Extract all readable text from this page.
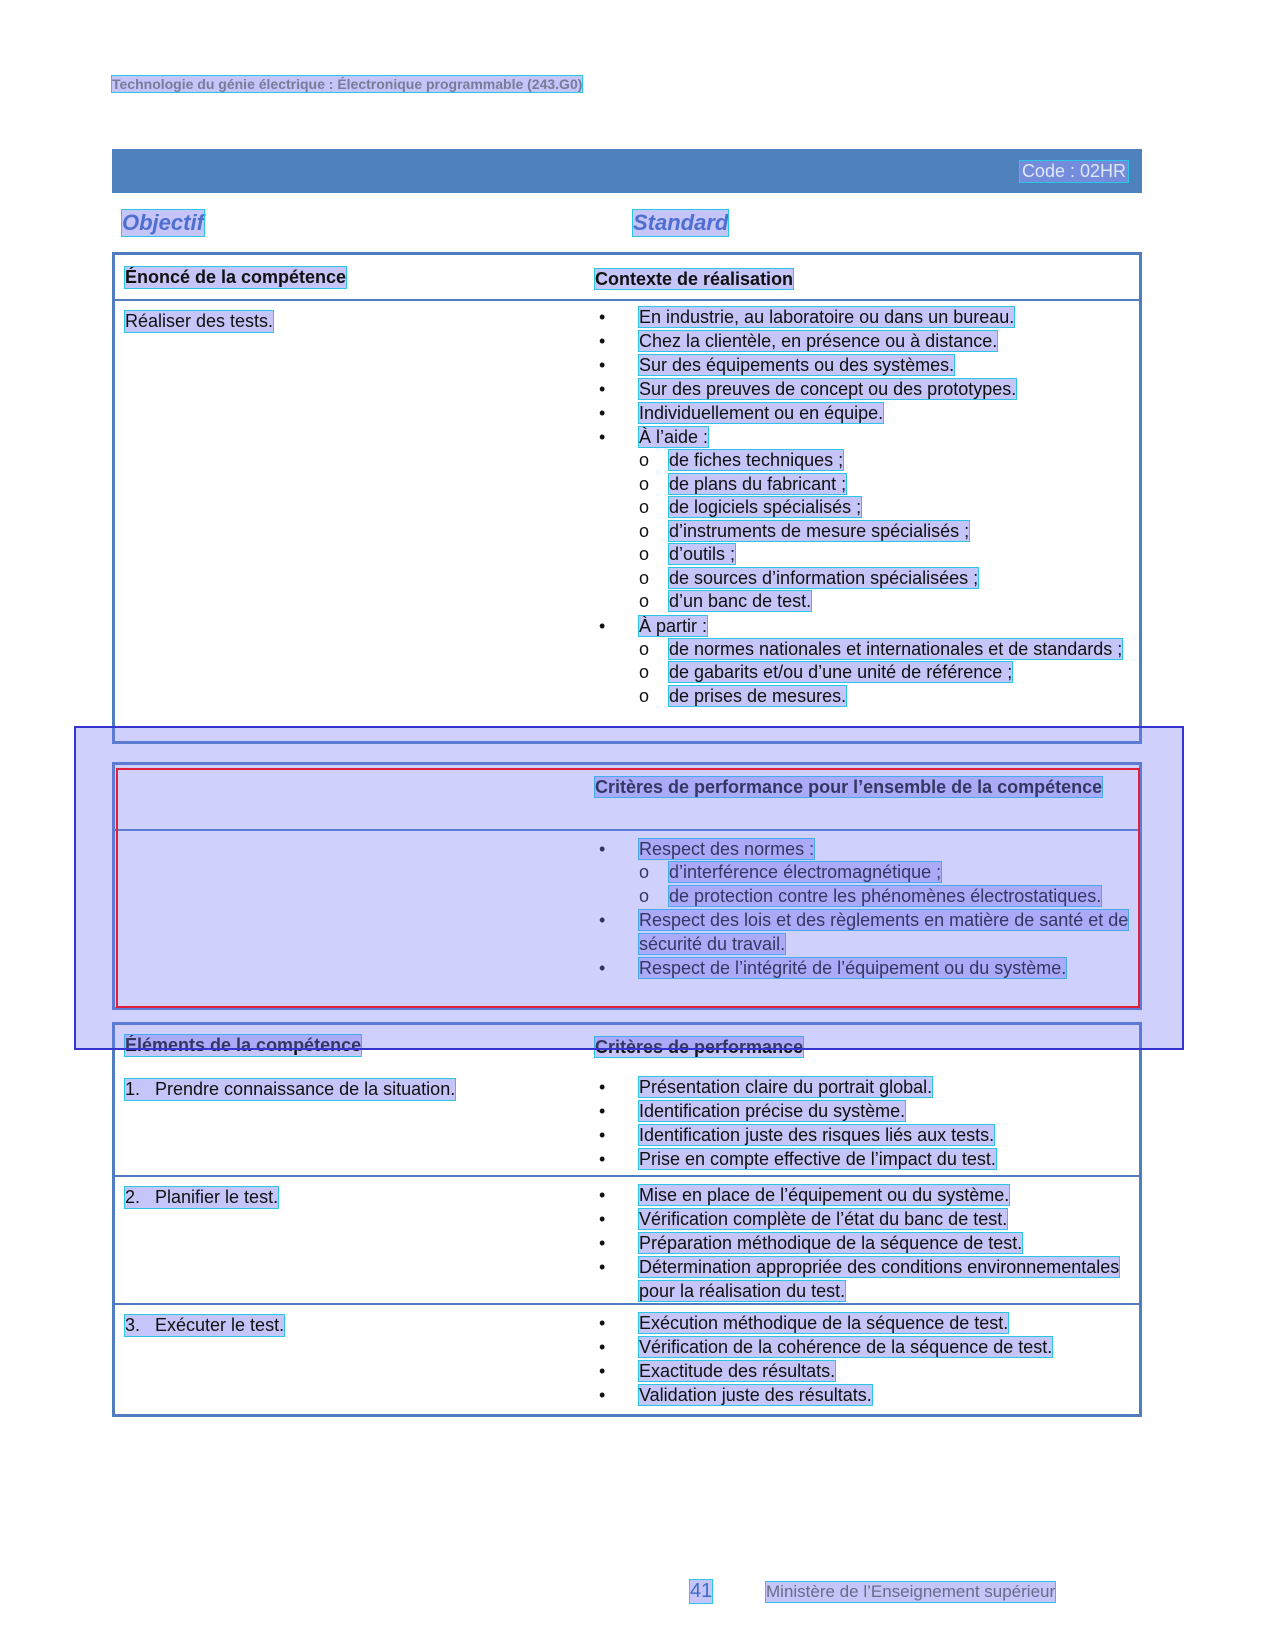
Technologie du génie électrique : Électronique programmable (243.G0)
Code : 02HR
Objectif	Standard
Énoncé de la compétence	Contexte de réalisation
Réaliser des tests.	• En industrie, au laboratoire ou dans un bureau.
• Chez la clientèle, en présence ou à distance.
• Sur des équipements ou des systèmes.
• Sur des preuves de concept ou des prototypes.
• Individuellement ou en équipe.
• À l’aide :
o de fiches techniques ;
o de plans du fabricant ;
o de logiciels spécialisés ;
o d’instruments de mesure spécialisés ;
o d’outils ;
o de sources d’information spécialisées ;
o d’un banc de test.
• À partir :
o de normes nationales et internationales et de standards ;
o de gabarits et/ou d’une unité de référence ;
o de prises de mesures.
Critères de performance pour l’ensemble de la compétence
• Respect des normes :
o d’interférence électromagnétique ;
o de protection contre les phénomènes électrostatiques.
• Respect des lois et des règlements en matière de santé et de sécurité du travail.
• Respect de l’intégrité de l’équipement ou du système.
Éléments de la compétence	Critères de performance
1.   Prendre connaissance de la situation.	• Présentation claire du portrait global.
• Identification précise du système.
• Identification juste des risques liés aux tests.
• Prise en compte effective de l’impact du test.
2.   Planifier le test.	• Mise en place de l’équipement ou du système.
• Vérification complète de l’état du banc de test.
• Préparation méthodique de la séquence de test.
• Détermination appropriée des conditions environnementales pour la réalisation du test.
3.   Exécuter le test.	• Exécution méthodique de la séquence de test.
• Vérification de la cohérence de la séquence de test.
• Exactitude des résultats.
• Validation juste des résultats.
41	Ministère de l’Enseignement supérieur
